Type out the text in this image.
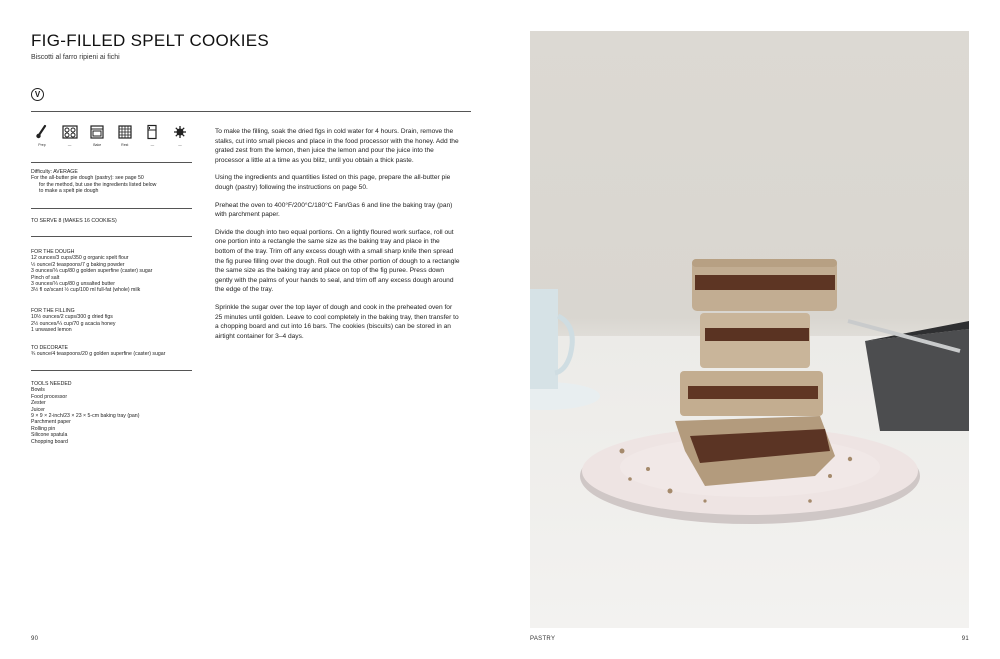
FIG-FILLED SPELT COOKIES
Biscotti al farro ripieni ai fichi
V
Prep	—	Bake	Rest	—	—
Difficulty: AVERAGE
For the all-butter pie dough (pastry): see page 50
for the method, but use the ingredients listed below
to make a spelt pie dough
TO SERVE 8 (MAKES 16 COOKIES)
FOR THE DOUGH
12 ounces/3 cups/350 g organic spelt flour
½ ounce/2 teaspoons/7 g baking powder
3 ounces/⅓ cup/80 g golden superfine (caster) sugar
Pinch of salt
3 ounces/⅓ cup/80 g unsalted butter
3½ fl oz/scant ½ cup/100 ml full-fat (whole) milk
FOR THE FILLING
10½ ounces/2 cups/300 g dried figs
2½ ounces/¼ cup/70 g acacia honey
1 unwaxed lemon
TO DECORATE
¾ ounce/4 teaspoons/20 g golden superfine (caster) sugar
TOOLS NEEDED
Bowls
Food processor
Zester
Juicer
9 × 9 × 2-inch/23 × 23 × 5-cm baking tray (pan)
Parchment paper
Rolling pin
Silicone spatula
Chopping board

To make the filling, soak the dried figs in cold water for 4 hours. Drain, remove the stalks, cut into small pieces and place in the food processor with the honey. Add the grated zest from the lemon, then juice the lemon and pour the juice into the processor a little at a time as you blitz, until you obtain a thick paste.

Using the ingredients and quantities listed on this page, prepare the all-butter pie dough (pastry) following the instructions on page 50.

Preheat the oven to 400°F/200°C/180°C Fan/Gas 6 and line the baking tray (pan) with parchment paper.

Divide the dough into two equal portions. On a lightly floured work surface, roll out one portion into a rectangle the same size as the baking tray and place in the bottom of the tray. Trim off any excess dough with a small sharp knife then spread the fig puree filling over the dough. Roll out the other portion of dough to a rectangle the same size as the baking tray and place on top of the fig puree. Press down gently with the palms of your hands to seal, and trim off any excess dough around the edge of the tray.

Sprinkle the sugar over the top layer of dough and cook in the preheated oven for 25 minutes until golden. Leave to cool completely in the baking tray, then transfer to a chopping board and cut into 16 bars. The cookies (biscuits) can be stored in an airtight container for 3–4 days.

90	PASTRY	91
